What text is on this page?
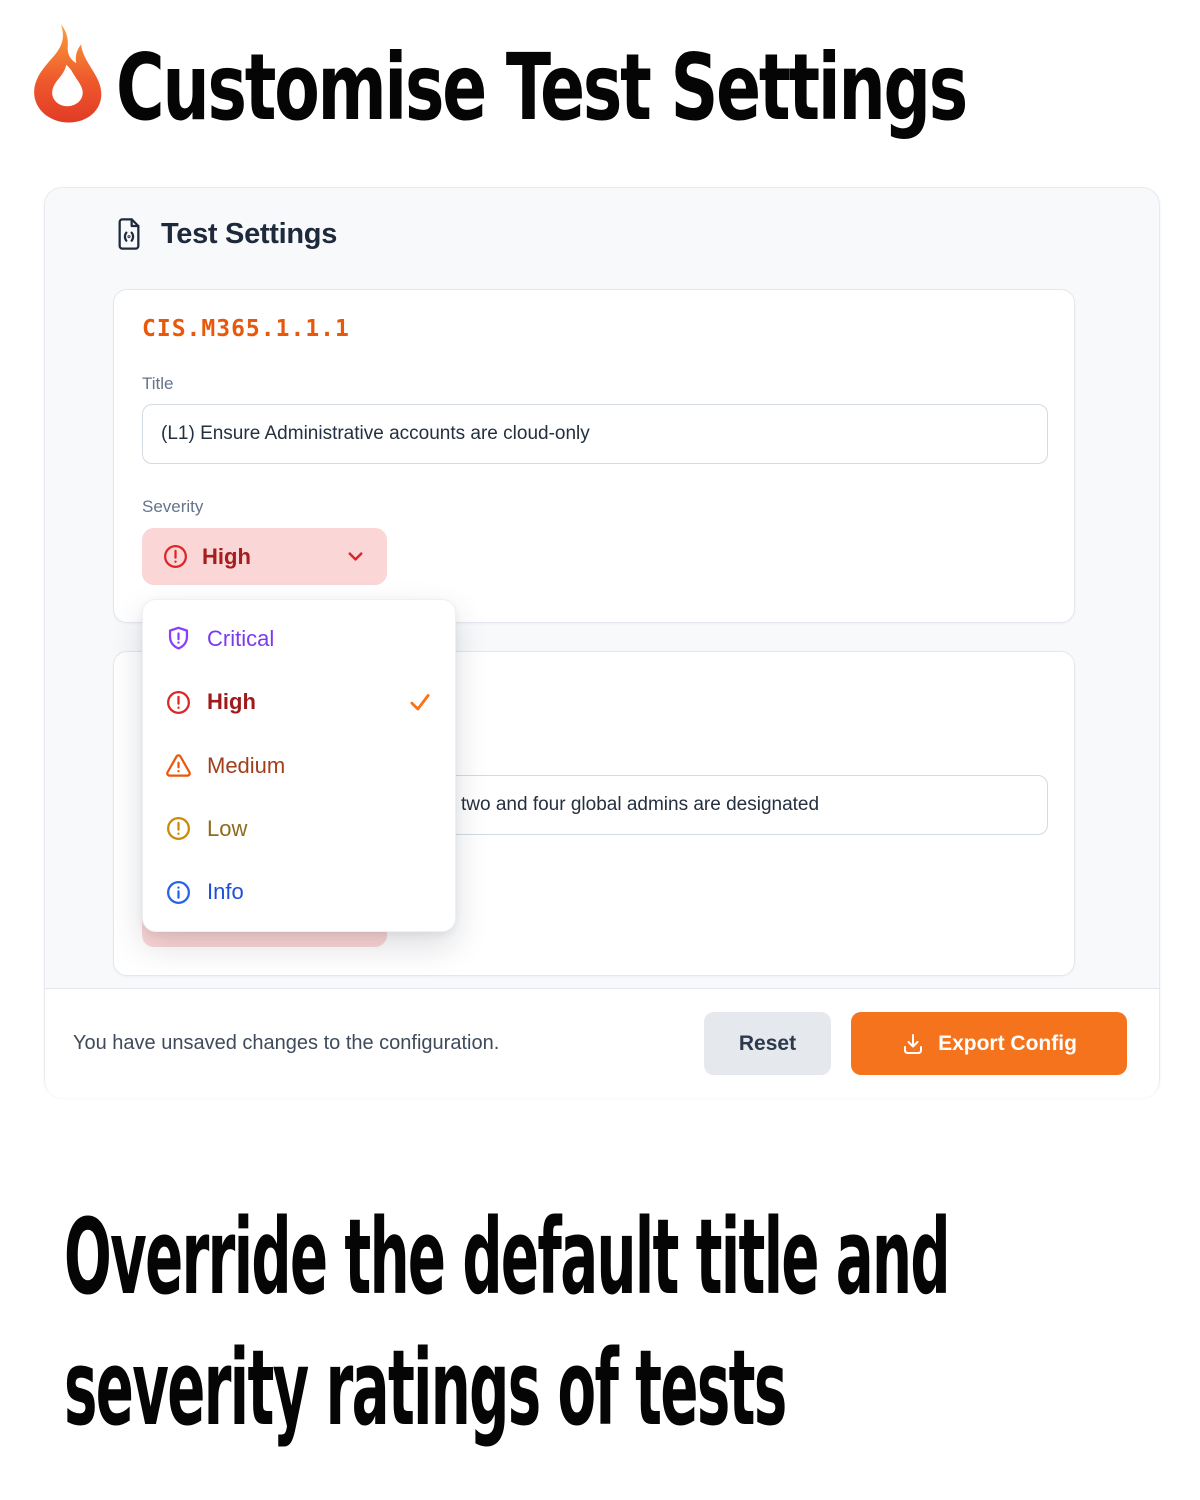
Customise Test Settings
Test Settings
CIS.M365.1.1.1
Title
(L1) Ensure Administrative accounts are cloud-only
Severity
High
two and four global admins are designated
Critical
High
Medium
Low
Info
You have unsaved changes to the configuration.	Reset	Export Config
Override the default title and
severity ratings of tests
